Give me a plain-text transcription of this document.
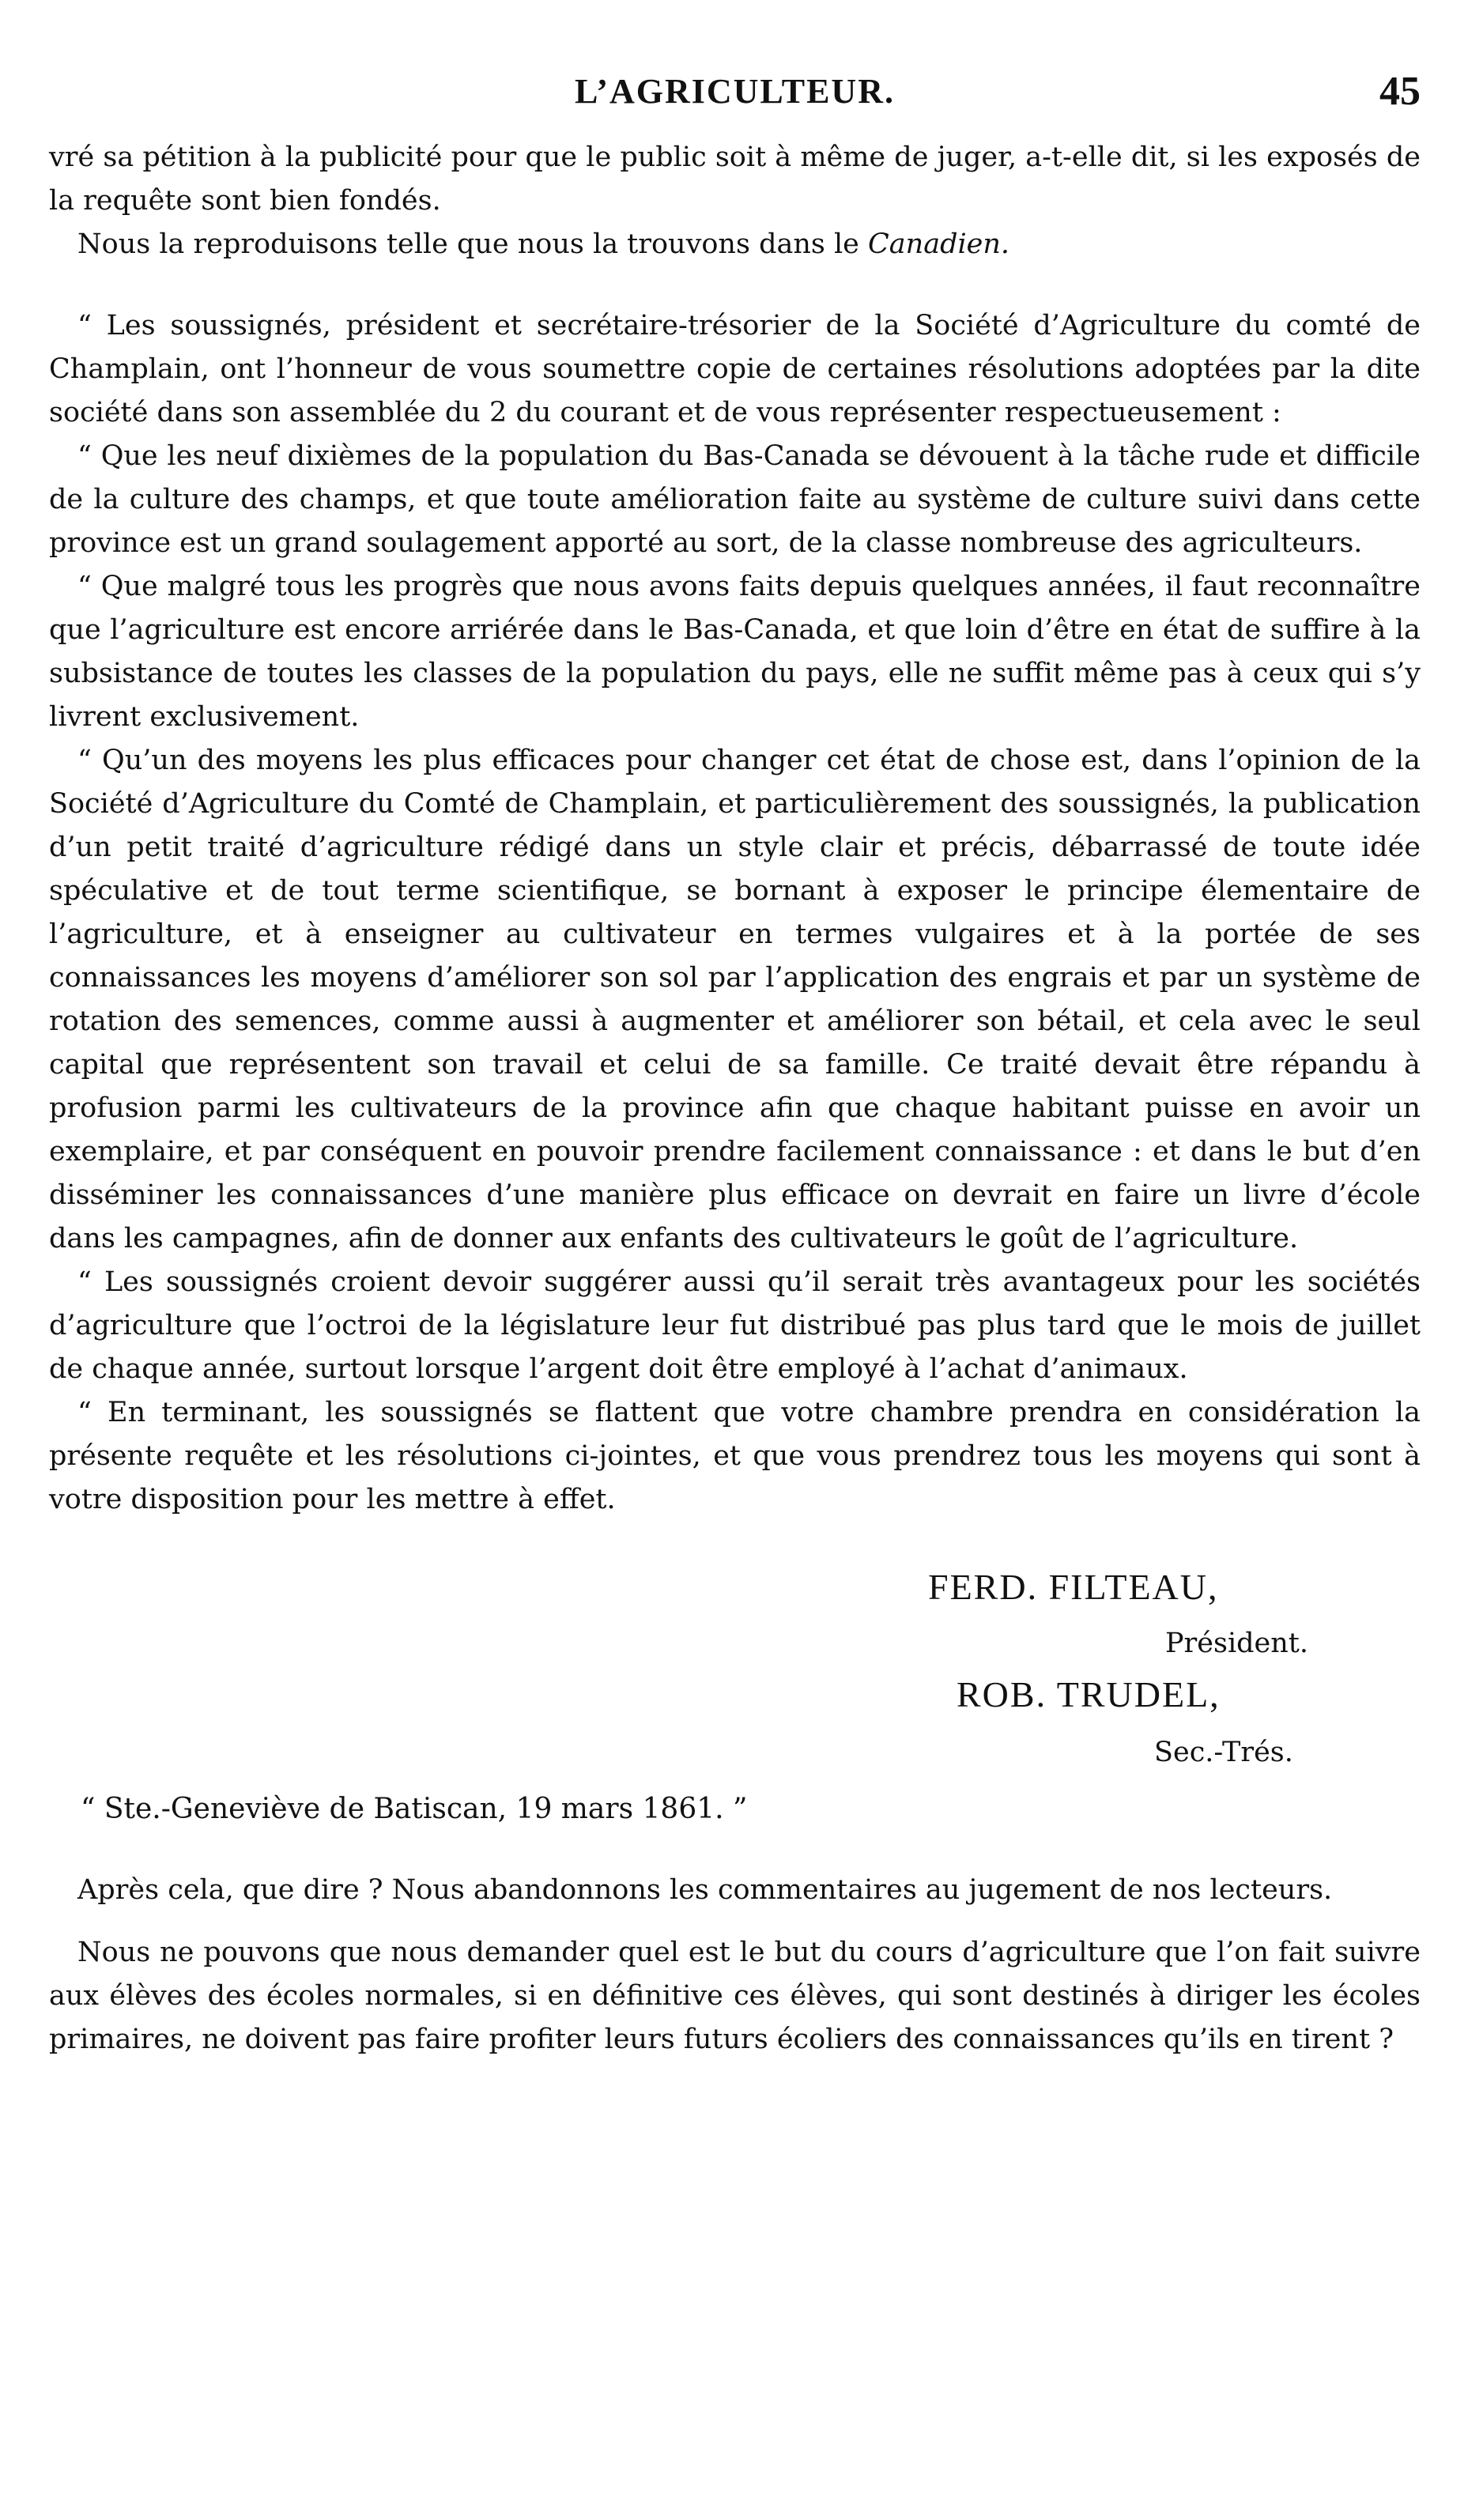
L’AGRICULTEUR.	45

vré sa pétition à la publicité pour que le public soit à même de juger, a-t-elle dit, si les exposés de la requête sont bien fondés.

Nous la reproduisons telle que nous la trouvons dans le Canadien.

“ Les soussignés, président et secrétaire-trésorier de la Société d’Agriculture du comté de Champlain, ont l’honneur de vous soumettre copie de certaines résolutions adoptées par la dite société dans son assemblée du 2 du courant et de vous représenter respectueusement :

“ Que les neuf dixièmes de la population du Bas-Canada se dévouent à la tâche rude et difficile de la culture des champs, et que toute amélioration faite au système de culture suivi dans cette province est un grand soulagement apporté au sort, de la classe nombreuse des agriculteurs.

“ Que malgré tous les progrès que nous avons faits depuis quelques années, il faut reconnaître que l’agriculture est encore arriérée dans le Bas-Canada, et que loin d’être en état de suffire à la subsistance de toutes les classes de la population du pays, elle ne suffit même pas à ceux qui s’y livrent exclusivement.

“ Qu’un des moyens les plus efficaces pour changer cet état de chose est, dans l’opinion de la Société d’Agriculture du Comté de Champlain, et particulièrement des soussignés, la publication d’un petit traité d’agriculture rédigé dans un style clair et précis, débarrassé de toute idée spéculative et de tout terme scientifique, se bornant à exposer le principe élementaire de l’agriculture, et à enseigner au cultivateur en termes vulgaires et à la portée de ses connaissances les moyens d’améliorer son sol par l’application des engrais et par un système de rotation des semences, comme aussi à augmenter et améliorer son bétail, et cela avec le seul capital que représentent son travail et celui de sa famille. Ce traité devait être répandu à profusion parmi les cultivateurs de la province afin que chaque habitant puisse en avoir un exemplaire, et par conséquent en pouvoir prendre facilement connaissance : et dans le but d’en disséminer les connaissances d’une manière plus efficace on devrait en faire un livre d’école dans les campagnes, afin de donner aux enfants des cultivateurs le goût de l’agriculture.

“ Les soussignés croient devoir suggérer aussi qu’il serait très avantageux pour les sociétés d’agriculture que l’octroi de la législature leur fut distribué pas plus tard que le mois de juillet de chaque année, surtout lorsque l’argent doit être employé à l’achat d’animaux.

“ En terminant, les soussignés se flattent que votre chambre prendra en considération la présente requête et les résolutions ci-jointes, et que vous prendrez tous les moyens qui sont à votre disposition pour les mettre à effet.

FERD. FILTEAU,
Président.
ROB. TRUDEL,
Sec.-Trés.
“ Ste.-Geneviève de Batiscan, 19 mars 1861. ”

Après cela, que dire ? Nous abandonnons les commentaires au jugement de nos lecteurs.

Nous ne pouvons que nous demander quel est le but du cours d’agriculture que l’on fait suivre aux élèves des écoles normales, si en définitive ces élèves, qui sont destinés à diriger les écoles primaires, ne doivent pas faire profiter leurs futurs écoliers des connaissances qu’ils en tirent ?
